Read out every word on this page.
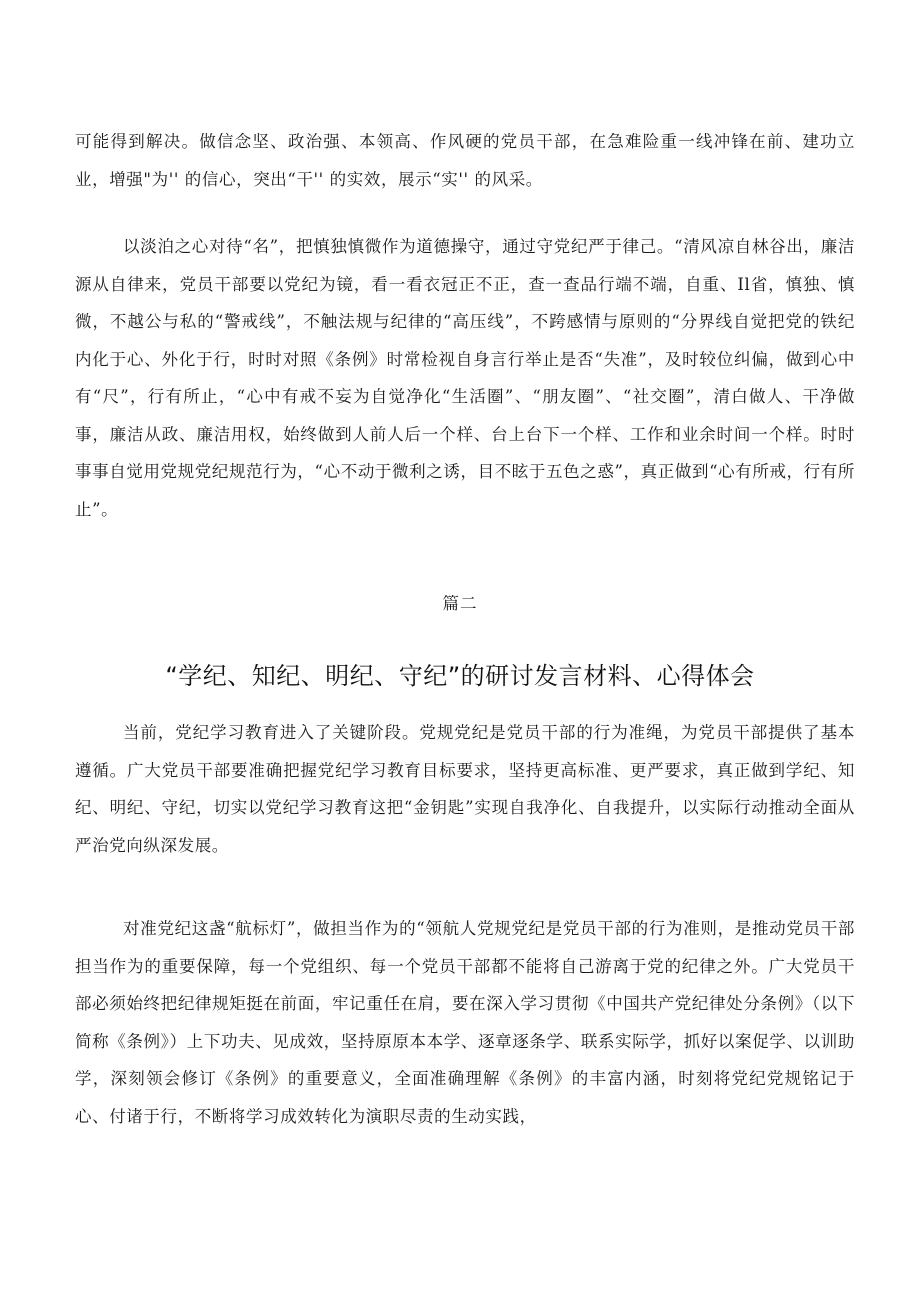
可能得到解决。做信念坚、政治强、本领高、作风硬的党员干部，在急难险重一线冲锋在前、建功立业，增强"为'' 的信心，突出“干'' 的实效，展示“实'' 的风采。

以淡泊之心对待“名”，把慎独慎微作为道德操守，通过守党纪严于律己。“清风凉自林谷出，廉洁源从自律来，党员干部要以党纪为镜，看一看衣冠正不正，查一查品行端不端，自重、Il省，慎独、慎微，不越公与私的“警戒线”，不触法规与纪律的“高压线”，不跨感情与原则的“分界线自觉把党的铁纪内化于心、外化于行，时时对照《条例》时常检视自身言行举止是否“失准”，及时较位纠偏，做到心中有“尺”，行有所止，“心中有戒不妄为自觉净化“生活圈”、“朋友圈”、“社交圈”，清白做人、干净做事，廉洁从政、廉洁用权，始终做到人前人后一个样、台上台下一个样、工作和业余时间一个样。时时事事自觉用党规党纪规范行为，“心不动于微利之诱，目不眩于五色之惑”，真正做到“心有所戒，行有所止”。

篇二

“学纪、知纪、明纪、守纪”的研讨发言材料、心得体会

当前，党纪学习教育进入了关键阶段。党规党纪是党员干部的行为准绳，为党员干部提供了基本遵循。广大党员干部要准确把握党纪学习教育目标要求，坚持更高标准、更严要求，真正做到学纪、知纪、明纪、守纪，切实以党纪学习教育这把“金钥匙”实现自我净化、自我提升，以实际行动推动全面从严治党向纵深发展。

对准党纪这盏“航标灯”，做担当作为的“领航人党规党纪是党员干部的行为准则，是推动党员干部担当作为的重要保障，每一个党组织、每一个党员干部都不能将自己游离于党的纪律之外。广大党员干部必须始终把纪律规矩挺在前面，牢记重任在肩，要在深入学习贯彻《中国共产党纪律处分条例》（以下简称《条例》）上下功夫、见成效，坚持原原本本学、逐章逐条学、联系实际学，抓好以案促学、以训助学，深刻领会修订《条例》的重要意义，全面准确理解《条例》的丰富内涵，时刻将党纪党规铭记于心、付诸于行，不断将学习成效转化为演职尽责的生动实践，
